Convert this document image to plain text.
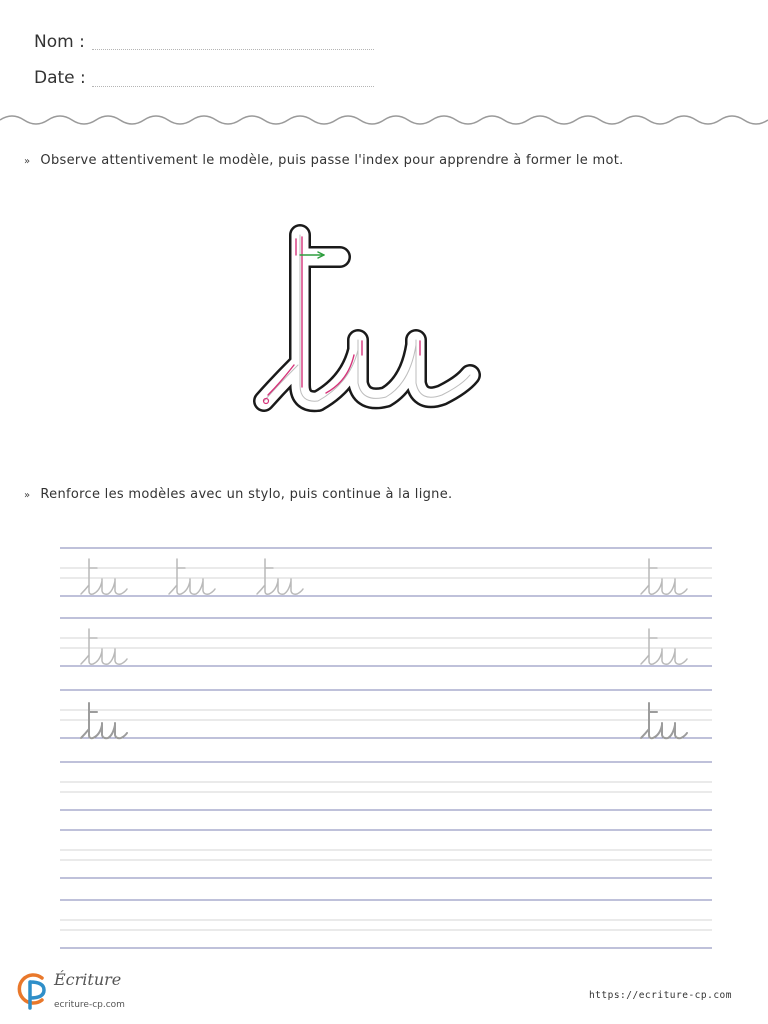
Nom :
Date :
» Observe attentivement le modèle, puis passe l'index pour apprendre à former le mot.
» Renforce les modèles avec un stylo, puis continue à la ligne.
Écriture
ecriture-cp.com
https://ecriture-cp.com
